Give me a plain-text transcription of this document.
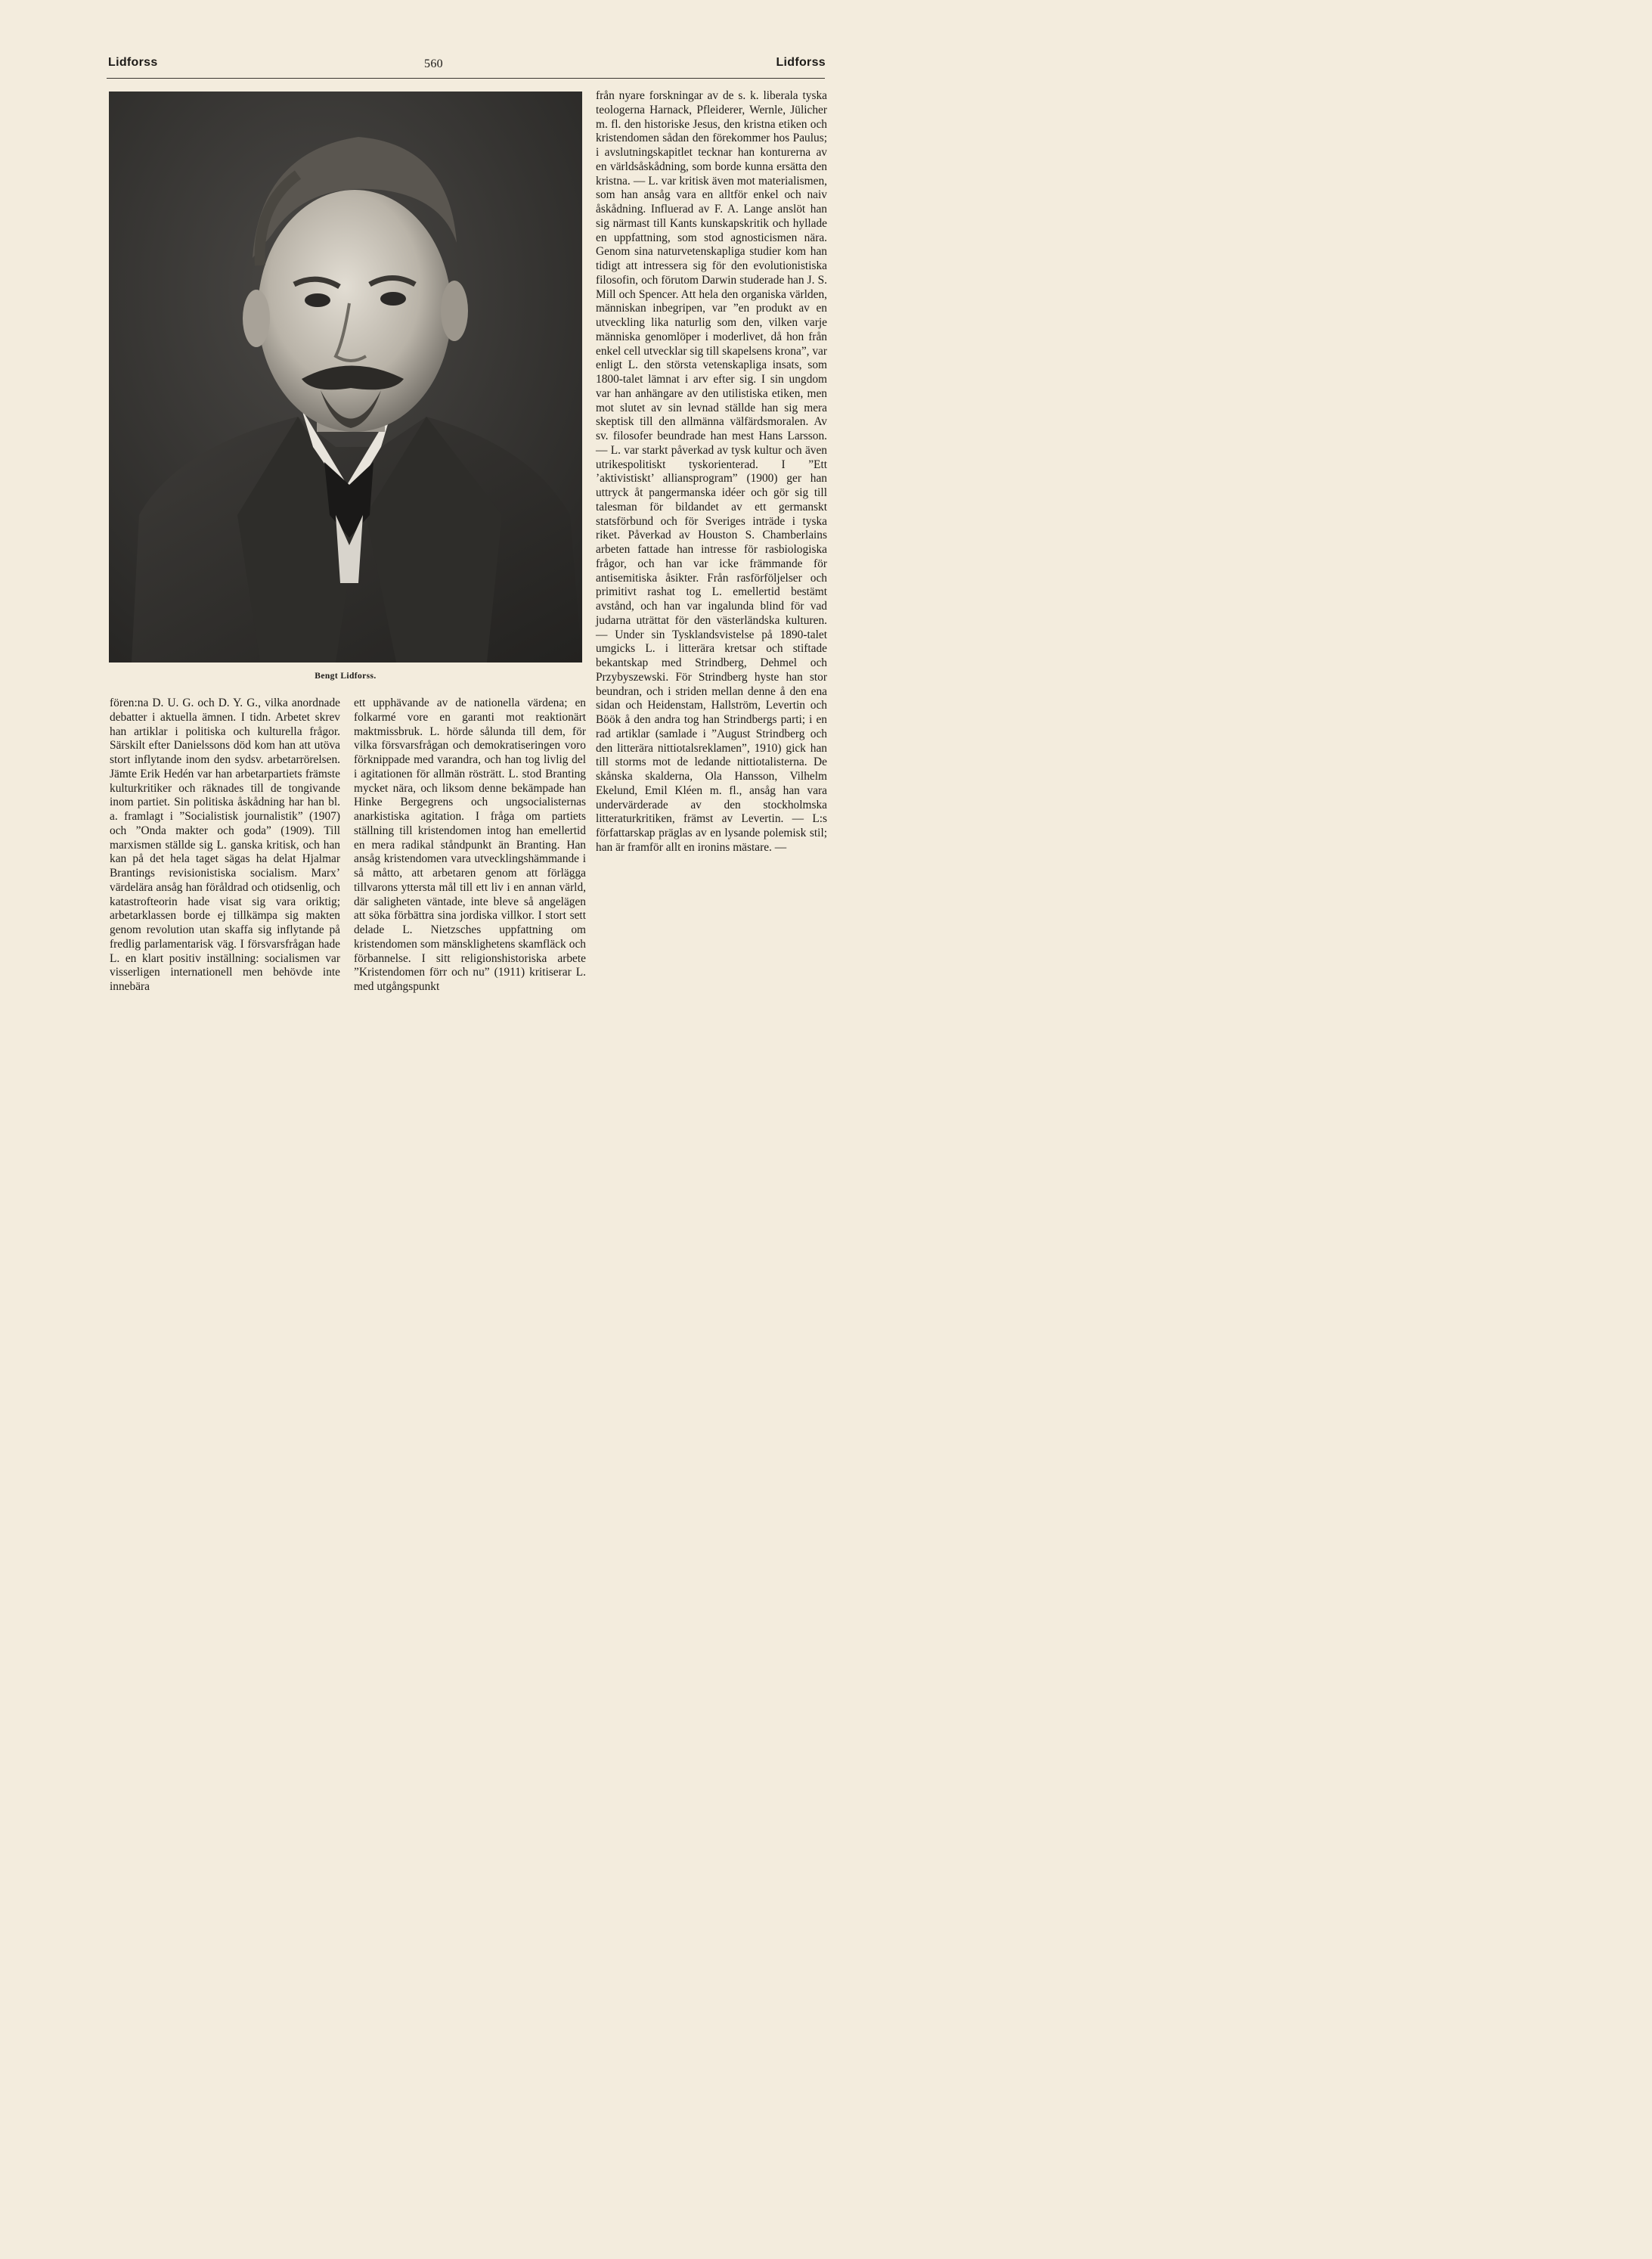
Lidforss	560	Lidforss
Bengt Lidforss.

fören:na D. U. G. och D. Y. G., vilka anordnade debatter i aktuella ämnen. I tidn. Arbetet skrev han artiklar i politiska och kulturella frågor. Särskilt efter Danielssons död kom han att utöva stort inflytande inom den sydsv. arbetarrörelsen. Jämte Erik Hedén var han arbetarpartiets främste kulturkritiker och räknades till de tongivande inom partiet. Sin politiska åskådning har han bl. a. framlagt i ”Socialistisk journalistik” (1907) och ”Onda makter och goda” (1909). Till marxismen ställde sig L. ganska kritisk, och han kan på det hela taget sägas ha delat Hjalmar Brantings revisionistiska socialism. Marx’ värdelära ansåg han föråldrad och otidsenlig, och katastrofteorin hade visat sig vara oriktig; arbetarklassen borde ej tillkämpa sig makten genom revolution utan skaffa sig inflytande på fredlig parlamentarisk väg. I försvarsfrågan hade L. en klart positiv inställning: socialismen var visserligen internationell men behövde inte innebära

ett upphävande av de nationella värdena; en folkarmé vore en garanti mot reaktionärt maktmissbruk. L. hörde sålunda till dem, för vilka försvarsfrågan och demokratiseringen voro förknippade med varandra, och han tog livlig del i agitationen för allmän rösträtt. L. stod Branting mycket nära, och liksom denne bekämpade han Hinke Bergegrens och ungsocialisternas anarkistiska agitation. I fråga om partiets ställning till kristendomen intog han emellertid en mera radikal ståndpunkt än Branting. Han ansåg kristendomen vara utvecklingshämmande i så måtto, att arbetaren genom att förlägga tillvarons yttersta mål till ett liv i en annan värld, där saligheten väntade, inte bleve så angelägen att söka förbättra sina jordiska villkor. I stort sett delade L. Nietzsches uppfattning om kristendomen som mänsklighetens skamfläck och förbannelse. I sitt religionshistoriska arbete ”Kristendomen förr och nu” (1911) kritiserar L. med utgångspunkt

från nyare forskningar av de s. k. liberala tyska teologerna Harnack, Pfleiderer, Wernle, Jülicher m. fl. den historiske Jesus, den kristna etiken och kristendomen sådan den förekommer hos Paulus; i avslutningskapitlet tecknar han konturerna av en världsåskådning, som borde kunna ersätta den kristna. — L. var kritisk även mot materialismen, som han ansåg vara en alltför enkel och naiv åskådning. Influerad av F. A. Lange anslöt han sig närmast till Kants kunskapskritik och hyllade en uppfattning, som stod agnosticismen nära. Genom sina naturvetenskapliga studier kom han tidigt att intressera sig för den evolutionistiska filosofin, och förutom Darwin studerade han J. S. Mill och Spencer. Att hela den organiska världen, människan inbegripen, var ”en produkt av en utveckling lika naturlig som den, vilken varje människa genomlöper i moderlivet, då hon från enkel cell utvecklar sig till skapelsens krona”, var enligt L. den största vetenskapliga insats, som 1800-talet lämnat i arv efter sig. I sin ungdom var han anhängare av den utilistiska etiken, men mot slutet av sin levnad ställde han sig mera skeptisk till den allmänna välfärdsmoralen. Av sv. filosofer beundrade han mest Hans Larsson. — L. var starkt påverkad av tysk kultur och även utrikespolitiskt tyskorienterad. I ”Ett ’aktivistiskt’ alliansprogram” (1900) ger han uttryck åt pangermanska idéer och gör sig till talesman för bildandet av ett germanskt statsförbund och för Sveriges inträde i tyska riket. Påverkad av Houston S. Chamberlains arbeten fattade han intresse för rasbiologiska frågor, och han var icke främmande för antisemitiska åsikter. Från rasförföljelser och primitivt rashat tog L. emellertid bestämt avstånd, och han var ingalunda blind för vad judarna uträttat för den västerländska kulturen. — Under sin Tysklandsvistelse på 1890-talet umgicks L. i litterära kretsar och stiftade bekantskap med Strindberg, Dehmel och Przybyszewski. För Strindberg hyste han stor beundran, och i striden mellan denne å den ena sidan och Heidenstam, Hallström, Levertin och Böök å den andra tog han Strindbergs parti; i en rad artiklar (samlade i ”August Strindberg och den litterära nittiotalsreklamen”, 1910) gick han till storms mot de ledande nittiotalisterna. De skånska skalderna, Ola Hansson, Vilhelm Ekelund, Emil Kléen m. fl., ansåg han vara undervärderade av den stockholmska litteraturkritiken, främst av Levertin. — L:s författarskap präglas av en lysande polemisk stil; han är framför allt en ironins mästare. —
